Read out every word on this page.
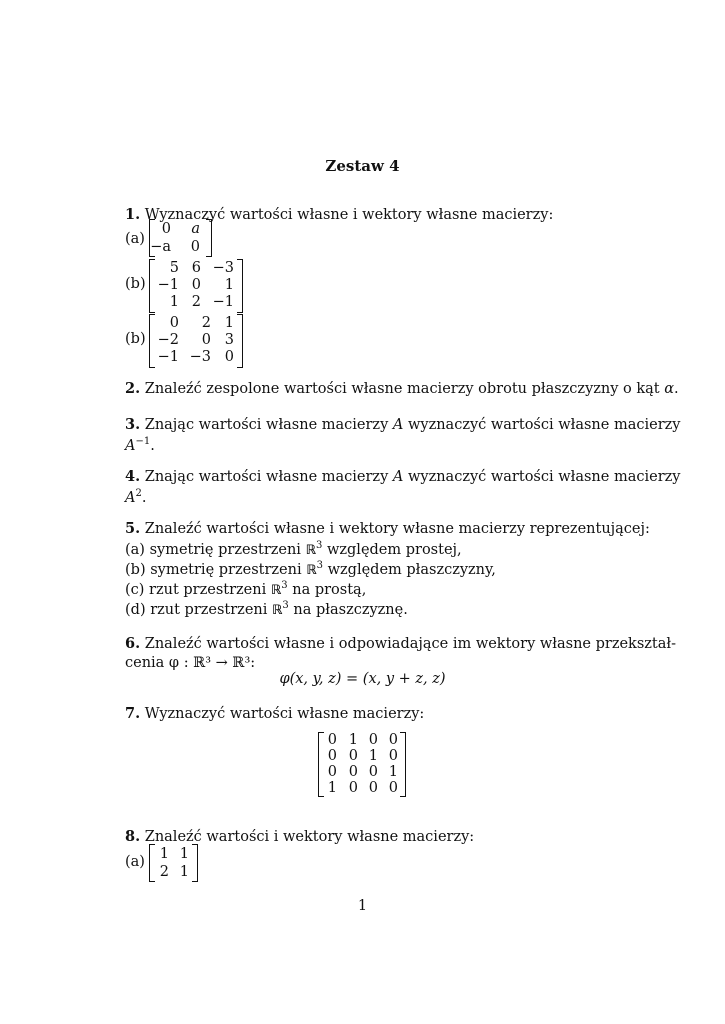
Zestaw 4
1. Wyznaczyć wartości własne i wektory własne macierzy:
(a)
0 a
−a 0
(b)
5 6 −3
−1 0 1
1 2 −1
(b)
0 2 1
−2 0 3
−1 −3 0
2. Znaleźć zespolone wartości własne macierzy obrotu płaszczyzny o kąt α.
3. Znając wartości własne macierzy A wyznaczyć wartości własne macierzy
$A^{-1}$.
4. Znając wartości własne macierzy A wyznaczyć wartości własne macierzy
$A^2$.
5. Znaleźć wartości własne i wektory własne macierzy reprezentującej:
(a) symetrię przestrzeni ℝ$^3$ względem prostej,
(b) symetrię przestrzeni ℝ$^3$ względem płaszczyzny,
(c) rzut przestrzeni ℝ$^3$ na prostą,
(d) rzut przestrzeni ℝ$^3$ na płaszczyznę.
6. Znaleźć wartości własne i odpowiadające im wektory własne przekształ-
cenia φ : ℝ³ → ℝ³:
φ(x, y, z) = (x, y + z, z)
7. Wyznaczyć wartości własne macierzy:
0 1 0 0
0 0 1 0
0 0 0 1
1 0 0 0
8. Znaleźć wartości i wektory własne macierzy:
(a) 1 1
2 1
1
